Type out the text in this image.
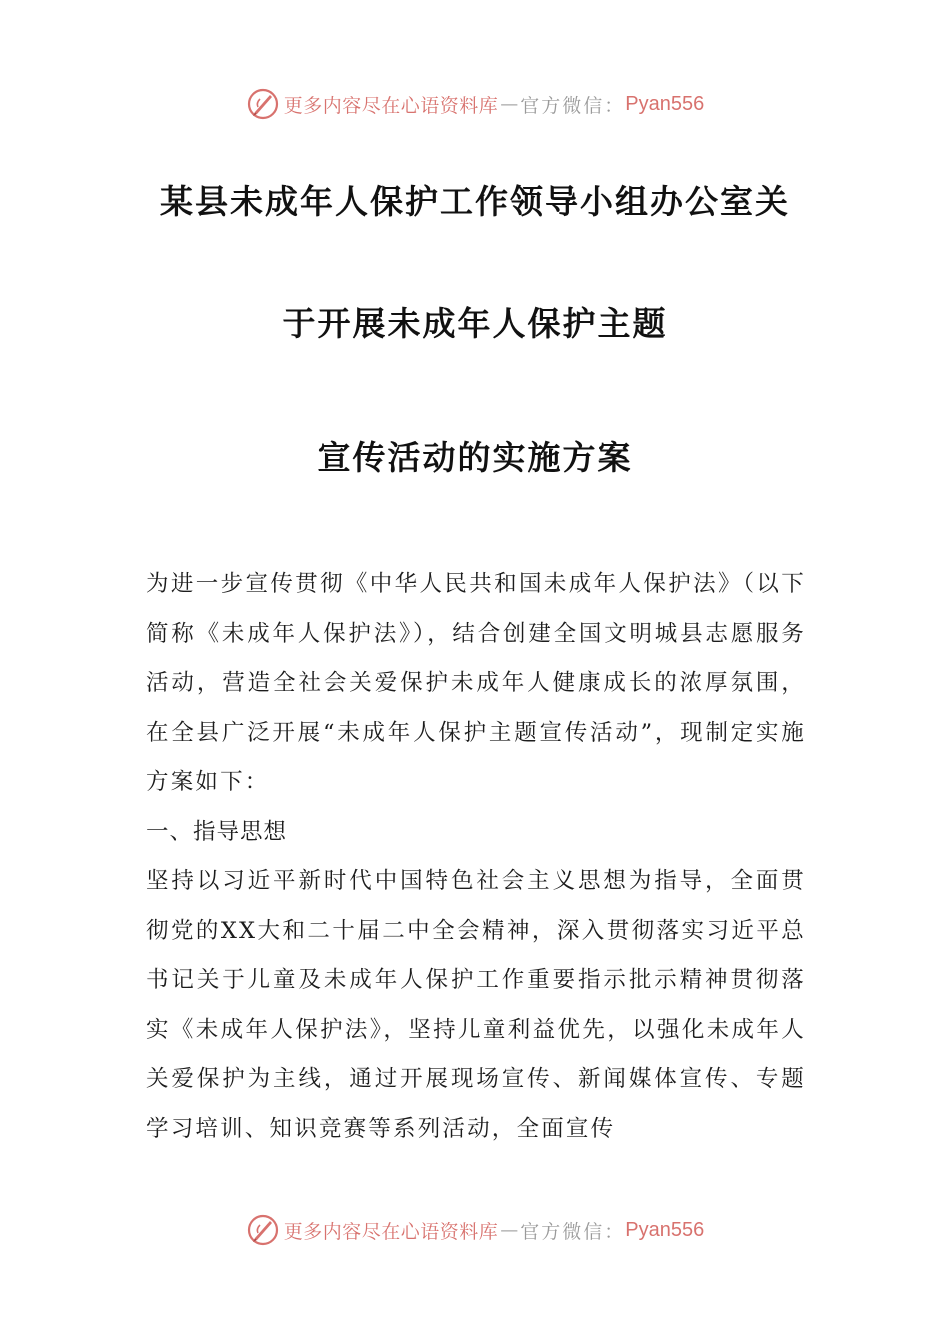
更多内容尽在心语资料库 — 官方微信： Pyan556
某县未成年人保护工作领导小组办公室关
于开展未成年人保护主题
宣传活动的实施方案

为进一步宣传贯彻《中华人民共和国未成年人保护法》（以下简称《未成年人保护法》），结合创建全国文明城县志愿服务活动，营造全社会关爱保护未成年人健康成长的浓厚氛围，在全县广泛开展“未成年人保护主题宣传活动”，现制定实施方案如下：

一、指导思想

坚持以习近平新时代中国特色社会主义思想为指导，全面贯彻党的XX大和二十届二中全会精神，深入贯彻落实习近平总书记关于儿童及未成年人保护工作重要指示批示精神贯彻落实《未成年人保护法》，坚持儿童利益优先，以强化未成年人关爱保护为主线，通过开展现场宣传、新闻媒体宣传、专题学习培训、知识竞赛等系列活动，全面宣传

更多内容尽在心语资料库 — 官方微信： Pyan556
